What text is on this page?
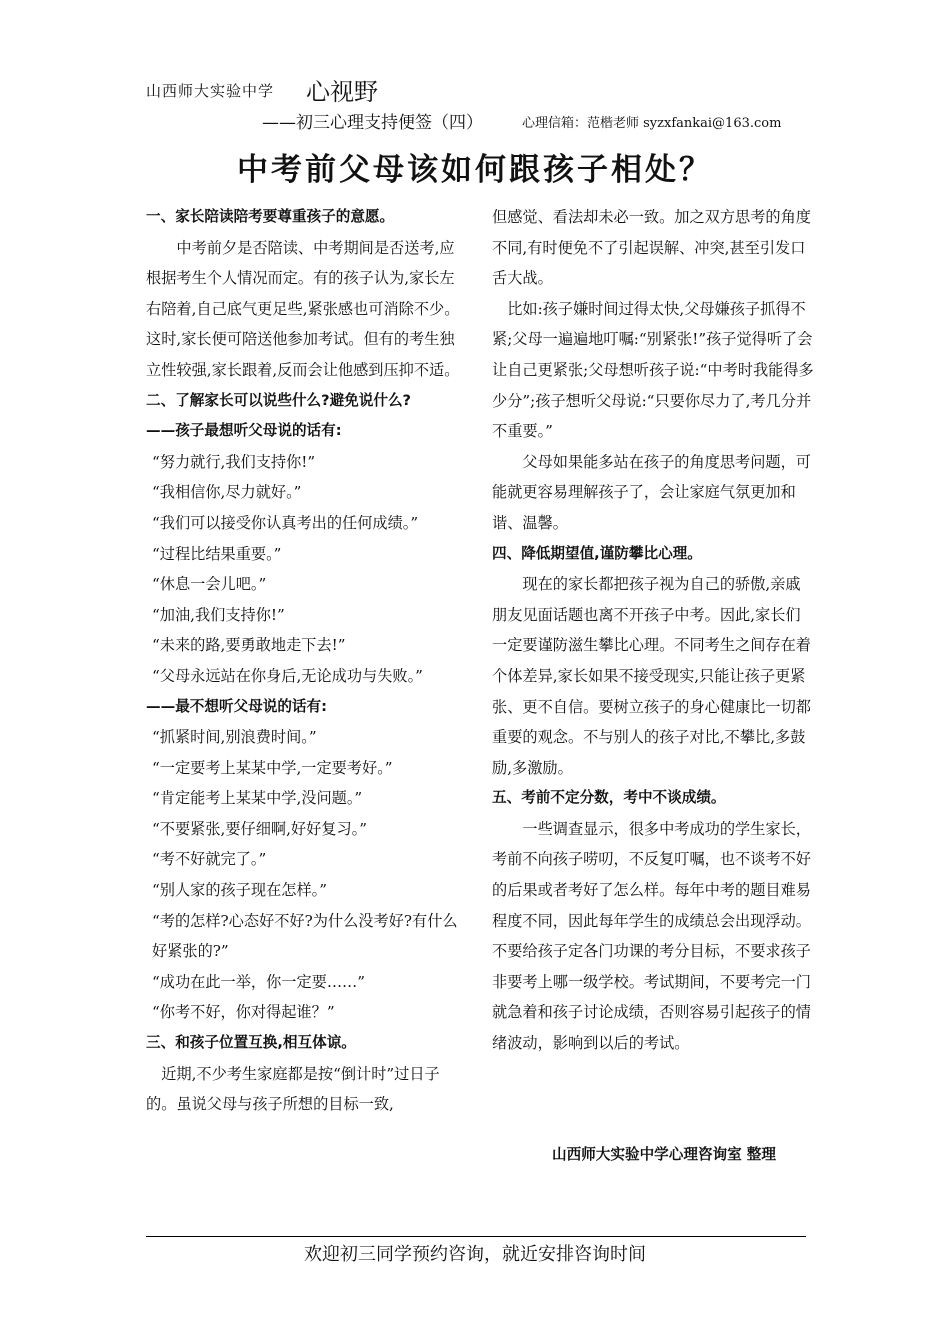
山西师大实验中学 心视野
——初三心理支持便签（四）	心理信箱：范楷老师 syzxfankai@163.com
中考前父母该如何跟孩子相处？

一、家长陪读陪考要尊重孩子的意愿。

中考前夕是否陪读、中考期间是否送考,应根据考生个人情况而定。有的孩子认为,家长左右陪着,自己底气更足些,紧张感也可消除不少。这时,家长便可陪送他参加考试。但有的考生独立性较强,家长跟着,反而会让他感到压抑不适。

二、了解家长可以说些什么?避免说什么?

——孩子最想听父母说的话有:

“努力就行,我们支持你!”

“我相信你,尽力就好。”

“我们可以接受你认真考出的任何成绩。”

“过程比结果重要。”

“休息一会儿吧。”

“加油,我们支持你!”

“未来的路,要勇敢地走下去!”

“父母永远站在你身后,无论成功与失败。”

——最不想听父母说的话有:

“抓紧时间,别浪费时间。”

“一定要考上某某中学,一定要考好。”

“肯定能考上某某中学,没问题。”

“不要紧张,要仔细啊,好好复习。”

“考不好就完了。”

“别人家的孩子现在怎样。”

“考的怎样?心态好不好?为什么没考好?有什么好紧张的?”

“成功在此一举，你一定要……”

“你考不好，你对得起谁？”

三、和孩子位置互换,相互体谅。

近期,不少考生家庭都是按“倒计时”过日子的。虽说父母与孩子所想的目标一致,

但感觉、看法却未必一致。加之双方思考的角度不同,有时便免不了引起误解、冲突,甚至引发口舌大战。

比如:孩子嫌时间过得太快,父母嫌孩子抓得不紧;父母一遍遍地叮嘱:“别紧张!”孩子觉得听了会让自己更紧张;父母想听孩子说:“中考时我能得多少分”;孩子想听父母说:“只要你尽力了,考几分并不重要。”

父母如果能多站在孩子的角度思考问题，可能就更容易理解孩子了，会让家庭气氛更加和谐、温馨。

四、降低期望值,谨防攀比心理。

现在的家长都把孩子视为自己的骄傲,亲戚朋友见面话题也离不开孩子中考。因此,家长们一定要谨防滋生攀比心理。不同考生之间存在着个体差异,家长如果不接受现实,只能让孩子更紧张、更不自信。要树立孩子的身心健康比一切都重要的观念。不与别人的孩子对比,不攀比,多鼓励,多激励。

五、考前不定分数，考中不谈成绩。

一些调查显示，很多中考成功的学生家长，考前不向孩子唠叨，不反复叮嘱，也不谈考不好的后果或者考好了怎么样。每年中考的题目难易程度不同，因此每年学生的成绩总会出现浮动。不要给孩子定各门功课的考分目标，不要求孩子非要考上哪一级学校。考试期间，不要考完一门就急着和孩子讨论成绩，否则容易引起孩子的情绪波动，影响到以后的考试。

山西师大实验中学心理咨询室 整理
欢迎初三同学预约咨询，就近安排咨询时间
